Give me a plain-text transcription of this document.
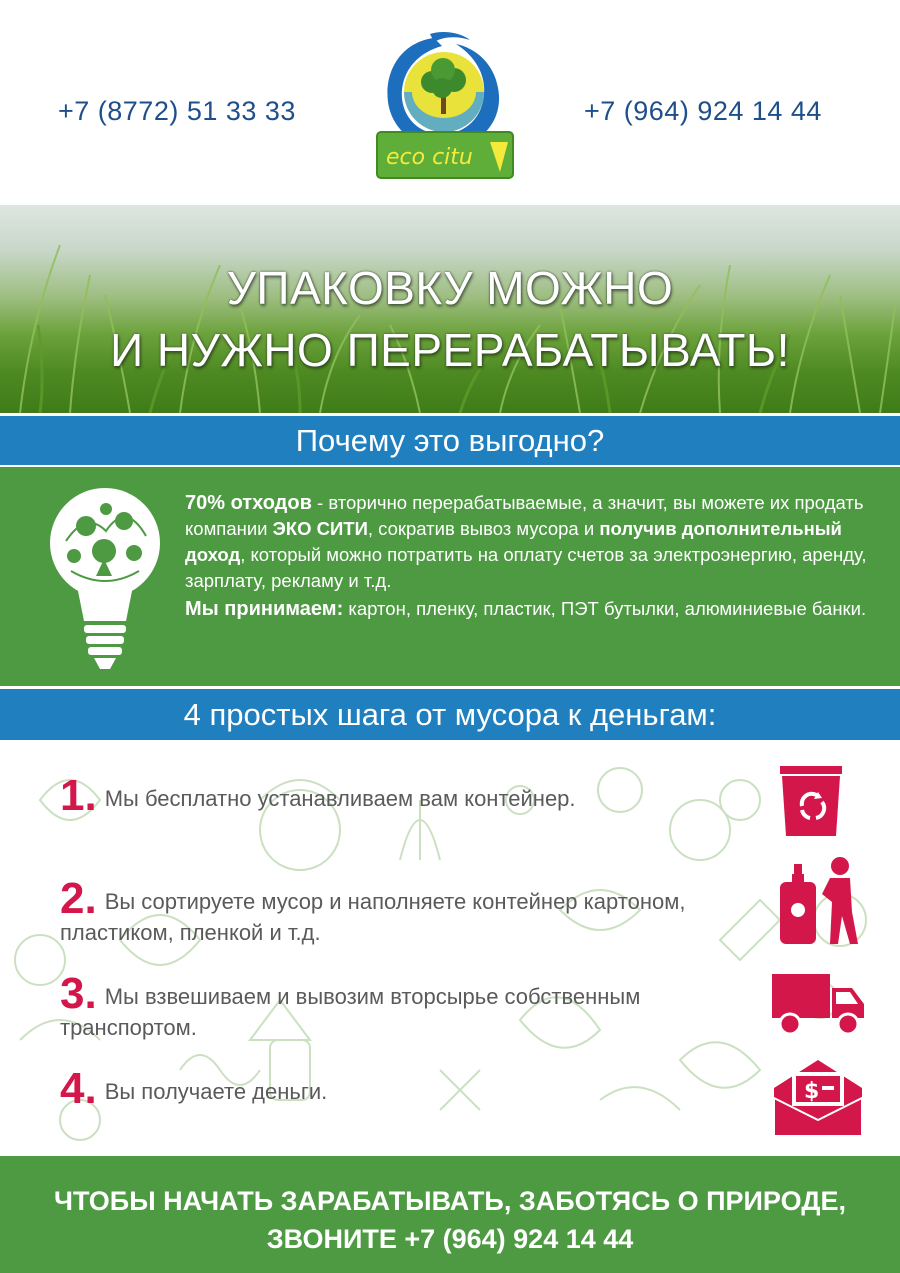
+7 (8772) 51 33 33
eco citu
+7 (964) 924 14 44
УПАКОВКУ МОЖНО
И НУЖНО ПЕРЕРАБАТЫВАТЬ!
Почему это выгодно?
70% отходов - вторично перерабатываемые, а значит, вы можете их продать компании ЭКО СИТИ, сократив вывоз мусора и получив дополнительный доход, который можно потратить на оплату счетов за электроэнергию, аренду, зарплату, рекламу и т.д.
Мы принимаем: картон, пленку, пластик, ПЭТ бутылки, алюминиевые банки.
4 простых шага от мусора к деньгам:
1. Мы бесплатно устанавливаем вам контейнер.
2. Вы сортируете мусор и наполняете контейнер картоном, пластиком, пленкой и т.д.
3. Мы взвешиваем и вывозим вторсырье собственным транспортом.
4. Вы получаете деньги.	$
ЧТОБЫ НАЧАТЬ ЗАРАБАТЫВАТЬ, ЗАБОТЯСЬ О ПРИРОДЕ,
ЗВОНИТЕ +7 (964) 924 14 44
